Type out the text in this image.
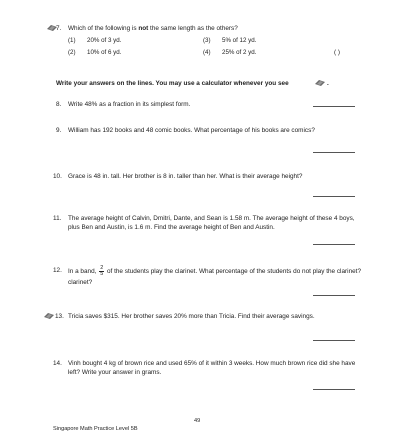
7. Which of the following is not the same length as the others?
(1) 20% of 3 yd.	(3) 5% of 12 yd.
(2) 10% of 6 yd.	(4) 25% of 2 yd.	( )
Write your answers on the lines. You may use a calculator whenever you see	.
8. Write 48% as a fraction in its simplest form.
9. William has 192 books and 48 comic books. What percentage of his books are comics?
10. Grace is 48 in. tall. Her brother is 8 in. taller than her. What is their average height?
11. The average height of Calvin, Dmitri, Dante, and Sean is 1.58 m. The average height of these 4 boys, plus Ben and Austin, is 1.6 m. Find the average height of Ben and Austin.
12. In a band, $\frac{2}{5}$ of the students play the clarinet. What percentage of the students do not play the clarinet?
clarinet?
13. Tricia saves $315. Her brother saves 20% more than Tricia. Find their average savings.
14. Vinh bought 4 kg of brown rice and used 65% of it within 3 weeks. How much brown rice did she have left? Write your answer in grams.
49
Singapore Math Practice Level 5B
